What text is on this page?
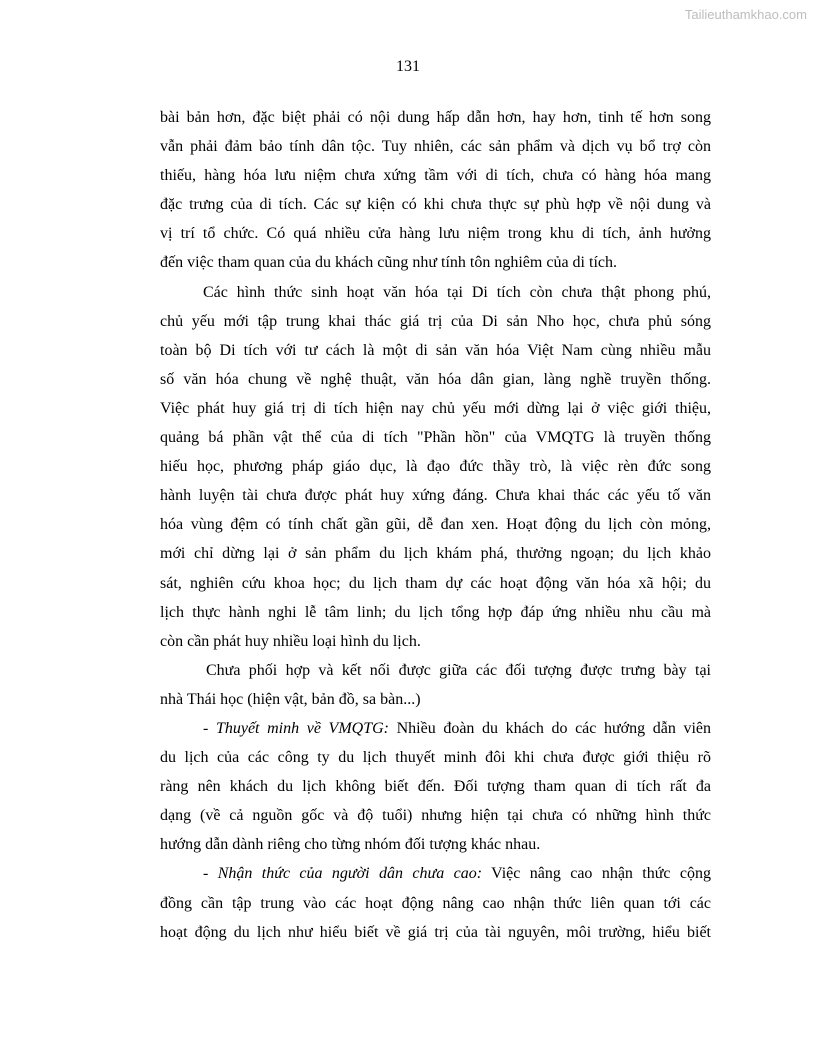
Tailieuthamkhao.com
131
bài bản hơn, đặc biệt phải có nội dung hấp dẫn hơn, hay hơn, tinh tế hơn song
vẫn phải đảm bảo tính dân tộc. Tuy nhiên, các sản phẩm và dịch vụ bổ trợ còn
thiếu, hàng hóa lưu niệm chưa xứng tầm với di tích, chưa có hàng hóa mang
đặc trưng của di tích. Các sự kiện có khi chưa thực sự phù hợp về nội dung và
vị trí tổ chức. Có quá nhiều cửa hàng lưu niệm trong khu di tích, ảnh hưởng
đến việc tham quan của du khách cũng như tính tôn nghiêm của di tích.
Các hình thức sinh hoạt văn hóa tại Di tích còn chưa thật phong phú,
chủ yếu mới tập trung khai thác giá trị của Di sản Nho học, chưa phủ sóng
toàn bộ Di tích với tư cách là một di sản văn hóa Việt Nam cùng nhiều mẫu
số văn hóa chung về nghệ thuật, văn hóa dân gian, làng nghề truyền thống.
Việc phát huy giá trị di tích hiện nay chủ yếu mới dừng lại ở việc giới thiệu,
quảng bá phần vật thể của di tích "Phần hồn" của VMQTG là truyền thống
hiếu học, phương pháp giáo dục, là đạo đức thầy trò, là việc rèn đức song
hành luyện tài chưa được phát huy xứng đáng. Chưa khai thác các yếu tố văn
hóa vùng đệm có tính chất gần gũi, dễ đan xen. Hoạt động du lịch còn mỏng,
mới chỉ dừng lại ở sản phẩm du lịch khám phá, thưởng ngoạn; du lịch khảo
sát, nghiên cứu khoa học; du lịch tham dự các hoạt động văn hóa xã hội; du
lịch thực hành nghi lễ tâm linh; du lịch tổng hợp đáp ứng nhiều nhu cầu mà
còn cần phát huy nhiều loại hình du lịch.
Chưa phối hợp và kết nối được giữa các đối tượng được trưng bày tại
nhà Thái học (hiện vật, bản đồ, sa bàn...)
- Thuyết minh về VMQTG: Nhiều đoàn du khách do các hướng dẫn viên
du lịch của các công ty du lịch thuyết minh đôi khi chưa được giới thiệu rõ
ràng nên khách du lịch không biết đến. Đối tượng tham quan di tích rất đa
dạng (về cả nguồn gốc và độ tuổi) nhưng hiện tại chưa có những hình thức
hướng dẫn dành riêng cho từng nhóm đối tượng khác nhau.
- Nhận thức của người dân chưa cao: Việc nâng cao nhận thức cộng
đồng cần tập trung vào các hoạt động nâng cao nhận thức liên quan tới các
hoạt động du lịch như hiểu biết về giá trị của tài nguyên, môi trường, hiểu biết
